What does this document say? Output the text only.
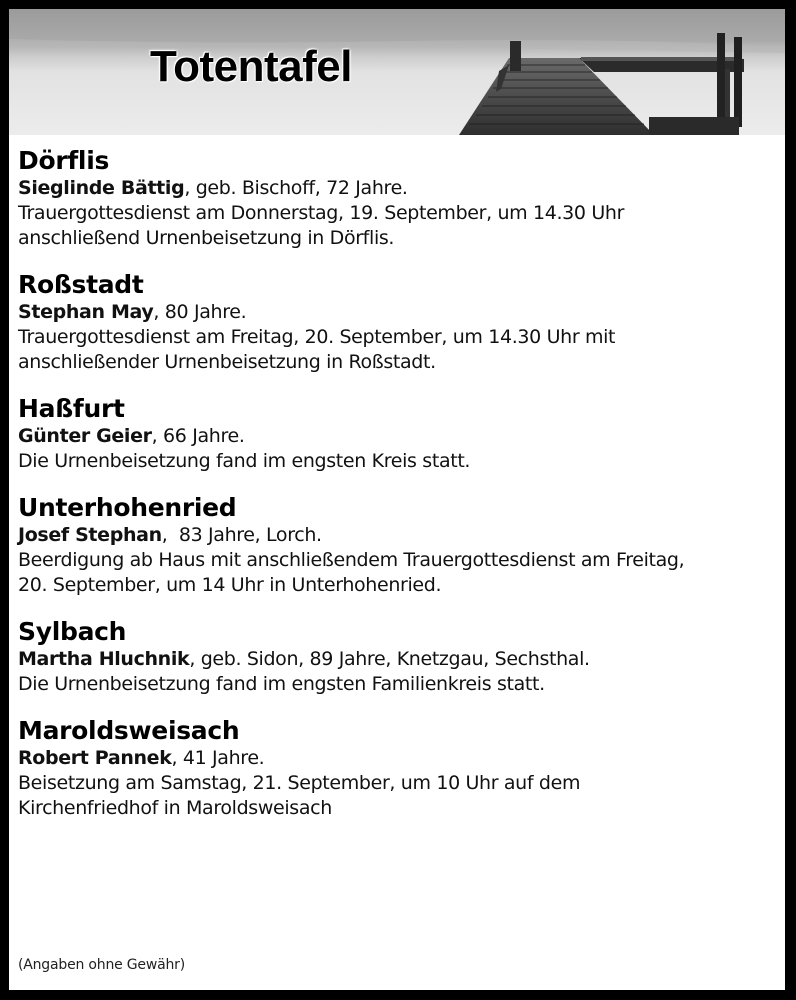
Totentafel
Dörflis
Sieglinde Bättig, geb. Bischoff, 72 Jahre.
Trauergottesdienst am Donnerstag, 19. September, um 14.30 Uhr
anschließend Urnenbeisetzung in Dörflis.
Roßstadt
Stephan May, 80 Jahre.
Trauergottesdienst am Freitag, 20. September, um 14.30 Uhr mit
anschließender Urnenbeisetzung in Roßstadt.
Haßfurt
Günter Geier, 66 Jahre.
Die Urnenbeisetzung fand im engsten Kreis statt.
Unterhohenried
Josef Stephan,  83 Jahre, Lorch.
Beerdigung ab Haus mit anschließendem Trauergottesdienst am Freitag,
20. September, um 14 Uhr in Unterhohenried.
Sylbach
Martha Hluchnik, geb. Sidon, 89 Jahre, Knetzgau, Sechsthal.
Die Urnenbeisetzung fand im engsten Familienkreis statt.
Maroldsweisach
Robert Pannek, 41 Jahre.
Beisetzung am Samstag, 21. September, um 10 Uhr auf dem
Kirchenfriedhof in Maroldsweisach
(Angaben ohne Gewähr)
